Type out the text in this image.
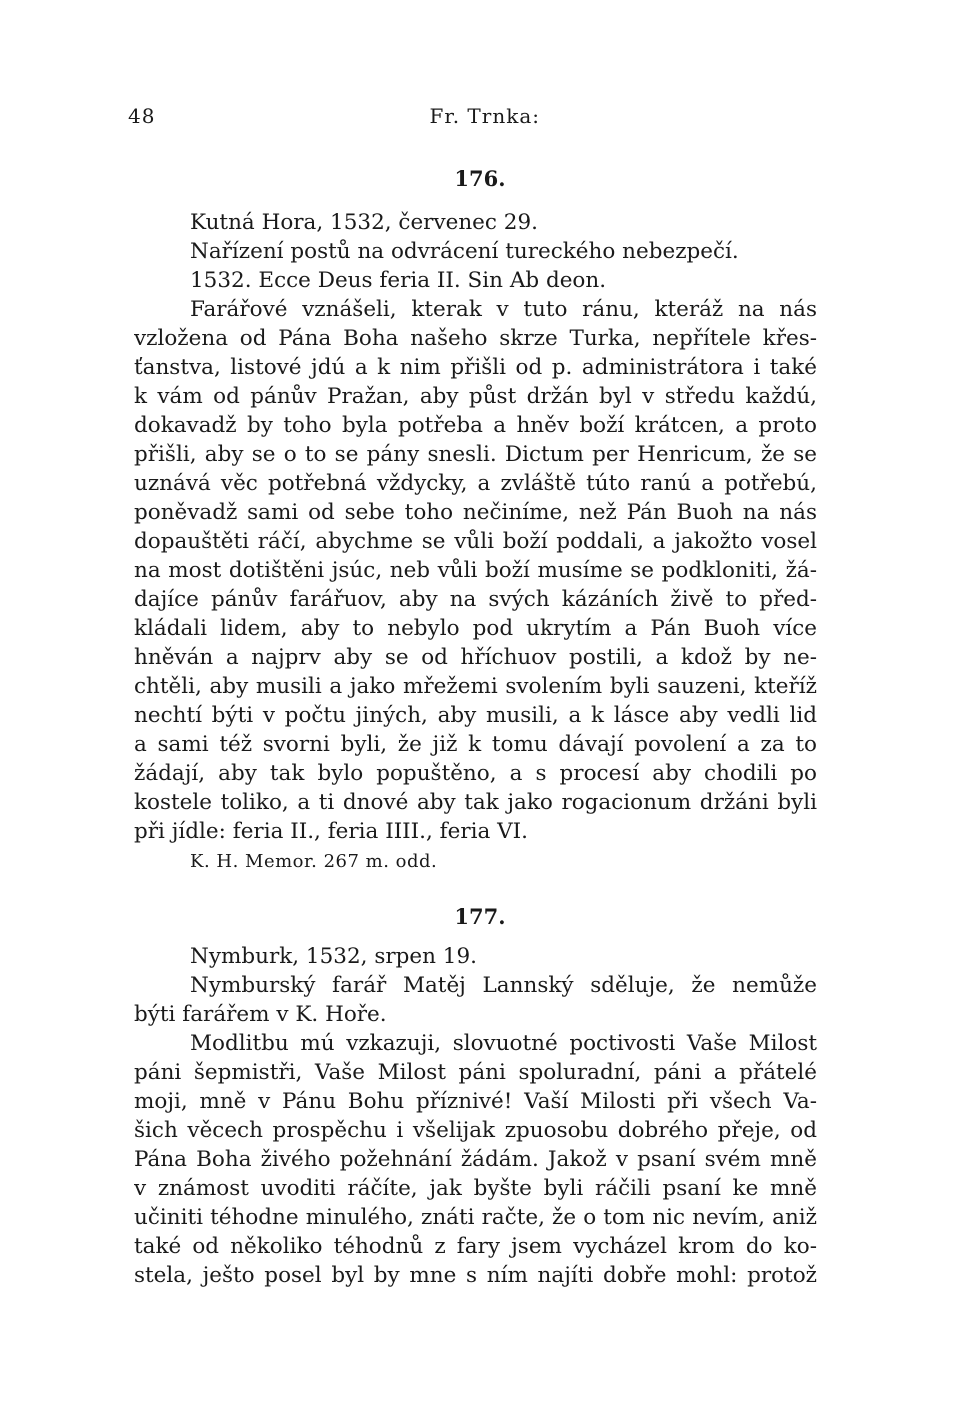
48	Fr. Trnka:
176.
Kutná Hora, 1532, červenec 29.
Nařízení postů na odvrácení tureckého nebezpečí.
1532. Ecce Deus feria II. Sin Ab deon.
Farářové vznášeli, kterak v tuto ránu, kteráž na nás
vzložena od Pána Boha našeho skrze Turka, nepřítele křes-
ťanstva, listové jdú a k nim přišli od p. administrátora i také
k vám od pánův Pražan, aby půst držán byl v středu každú,
dokavadž by toho byla potřeba a hněv boží krátcen, a proto
přišli, aby se o to se pány snesli. Dictum per Henricum, že se
uznává věc potřebná vždycky, a zvláště túto ranú a potřebú,
poněvadž sami od sebe toho nečiníme, než Pán Buoh na nás
dopauštěti ráčí, abychme se vůli boží poddali, a jakožto vosel
na most dotištěni jsúc, neb vůli boží musíme se podkloniti, žá-
dajíce pánův farářuov, aby na svých kázáních živě to před-
kládali lidem, aby to nebylo pod ukrytím a Pán Buoh více
hněván a najprv aby se od hříchuov postili, a kdož by ne-
chtěli, aby musili a jako mřežemi svolením byli sauzeni, kteříž
nechtí býti v počtu jiných, aby musili, a k lásce aby vedli lid
a sami též svorni byli, že již k tomu dávají povolení a za to
žádají, aby tak bylo popuštěno, a s procesí aby chodili po
kostele toliko, a ti dnové aby tak jako rogacionum držáni byli
při jídle: feria II., feria IIII., feria VI.
K. H. Memor. 267 m. odd.
177.
Nymburk, 1532, srpen 19.
Nymburský farář Matěj Lannský sděluje, že nemůže
býti farářem v K. Hoře.
Modlitbu mú vzkazuji, slovuotné poctivosti Vaše Milost
páni šepmistři, Vaše Milost páni spoluradní, páni a přátelé
moji, mně v Pánu Bohu příznivé! Vaší Milosti při všech Va-
šich věcech prospěchu i všelijak zpuosobu dobrého přeje, od
Pána Boha živého požehnání žádám. Jakož v psaní svém mně
v známost uvoditi ráčíte, jak byšte byli ráčili psaní ke mně
učiniti téhodne minulého, znáti račte, že o tom nic nevím, aniž
také od několiko téhodnů z fary jsem vycházel krom do ko-
stela, ješto posel byl by mne s ním najíti dobře mohl: protož
